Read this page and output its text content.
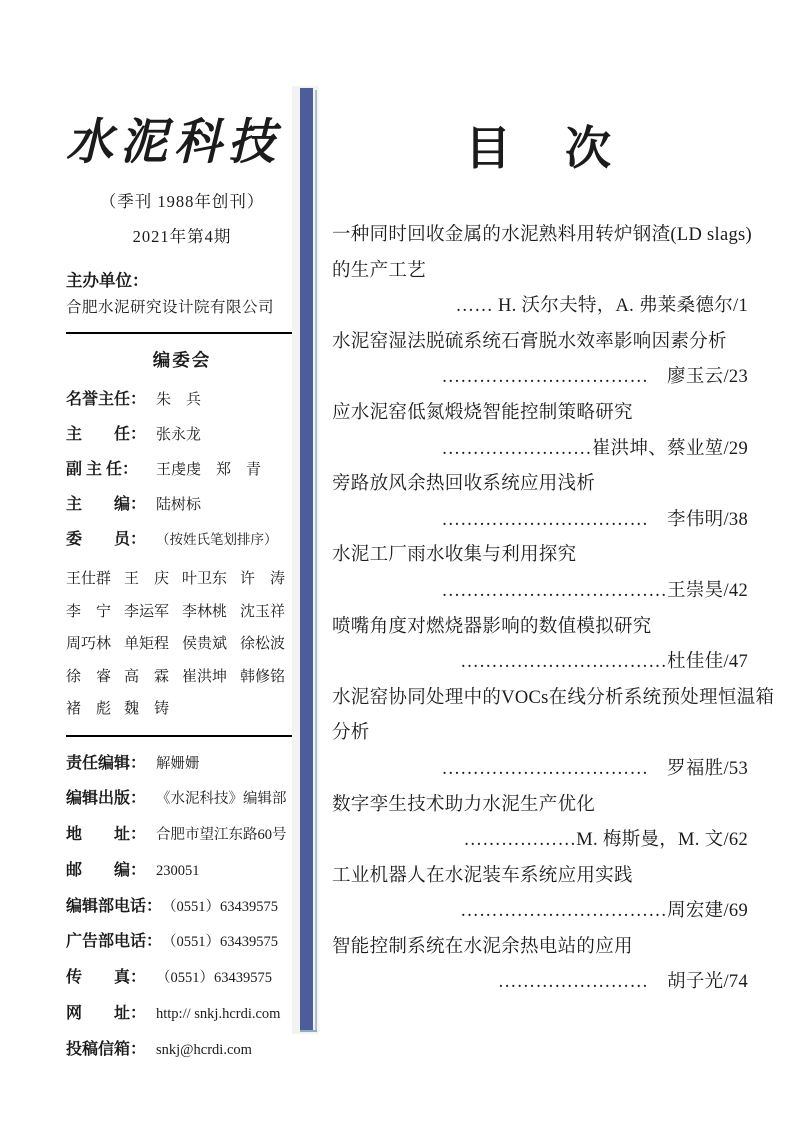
水泥科技
（季刊 1988年创刊）
2021年第4期
主办单位：
合肥水泥研究设计院有限公司
编委会
名誉主任： 朱　兵
主　　任： 张永龙
副 主 任： 王虔虔　郑　青
主　　编： 陆树标
委　　员： （按姓氏笔划排序）
王仕群 王　庆 叶卫东 许　涛
李　宁 李运军 李林桃 沈玉祥
周巧林 单矩程 侯贵斌 徐松波
徐　睿 高　霖 崔洪坤 韩修铭
褚　彪 魏　铸
责任编辑： 解姗姗
编辑出版： 《水泥科技》编辑部
地　　址： 合肥市望江东路60号
邮　　编： 230051
编辑部电话：（0551）63439575
广告部电话：（0551）63439575
传　　真： （0551）63439575
网　　址： http:// snkj.hcrdi.com
投稿信箱： snkj@hcrdi.com
目　次
一种同时回收金属的水泥熟料用转炉钢渣(LD slags)
的生产工艺
…… H. 沃尔夫特，A. 弗莱桑德尔/1
水泥窑湿法脱硫系统石膏脱水效率影响因素分析
……………………………　廖玉云/23
应水泥窑低氮煅烧智能控制策略研究
……………………崔洪坤、蔡业堃/29
旁路放风余热回收系统应用浅析
……………………………　李伟明/38
水泥工厂雨水收集与利用探究
………………………………王崇昊/42
喷嘴角度对燃烧器影响的数值模拟研究
……………………………杜佳佳/47
水泥窑协同处理中的VOCs在线分析系统预处理恒温箱
分析
……………………………　罗福胜/53
数字孪生技术助力水泥生产优化
………………M. 梅斯曼，M. 文/62
工业机器人在水泥装车系统应用实践
……………………………周宏建/69
智能控制系统在水泥余热电站的应用
……………………　胡子光/74
